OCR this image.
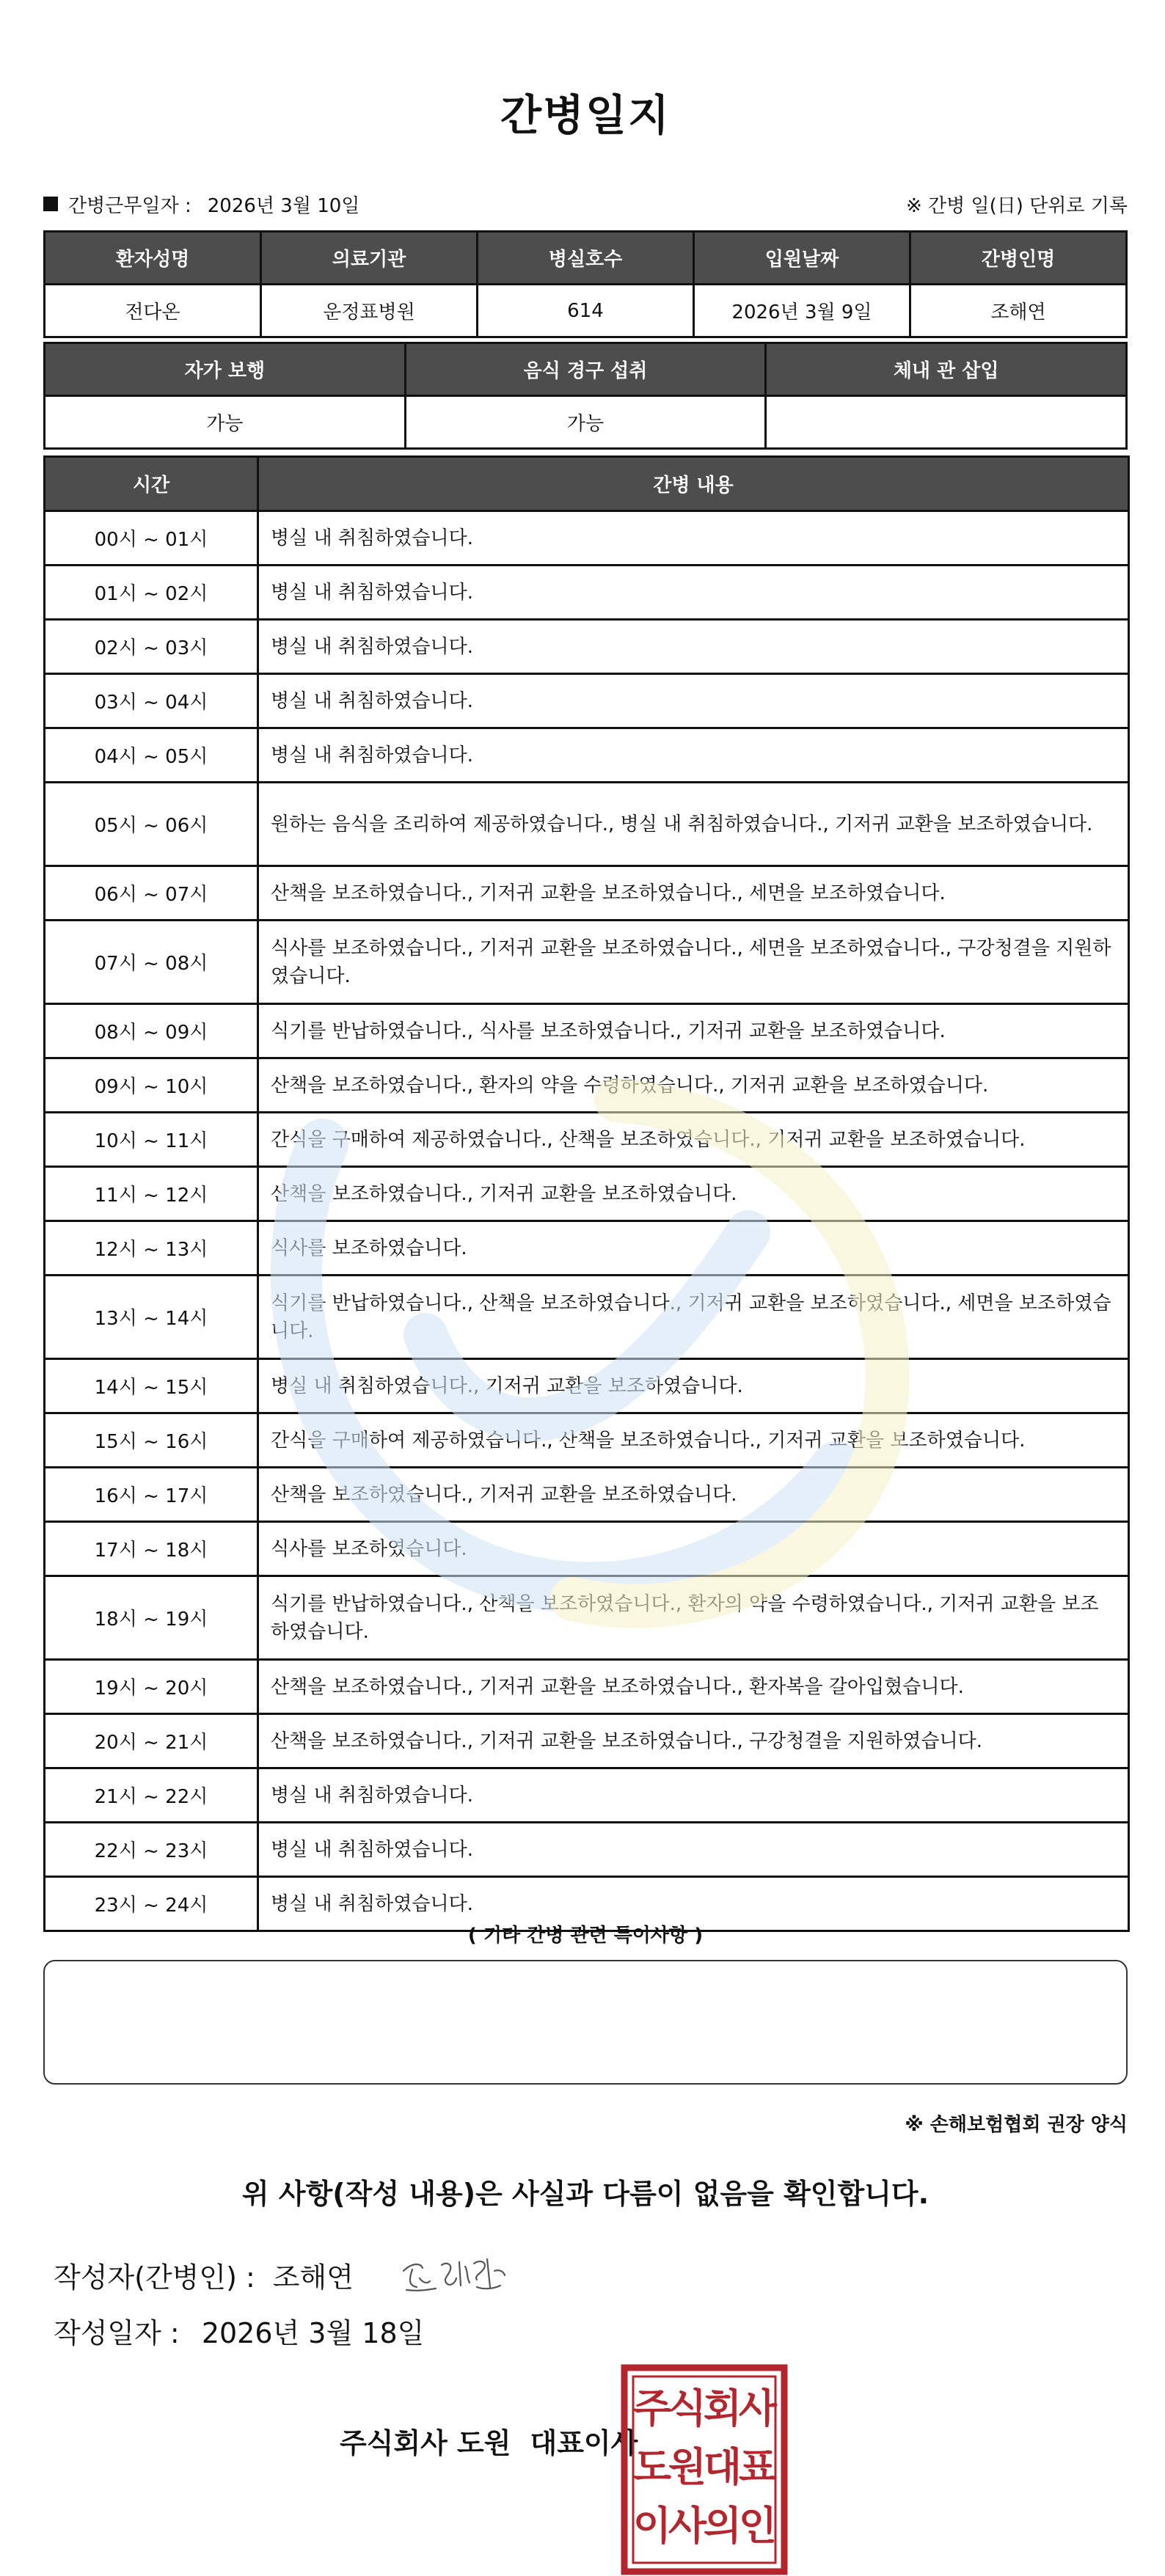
간병일지
간병근무일자 : 2026년 3월 10일	※ 간병 일(日) 단위로 기록
환자성명	의료기관	병실호수	입원날짜	간병인명
전다온	운정표병원	614	2026년 3월 9일	조해연
자가 보행	음식 경구 섭취	체내 관 삽입
가능	가능	
시간	간병 내용
00시 ~ 01시	병실 내 취침하였습니다.
01시 ~ 02시	병실 내 취침하였습니다.
02시 ~ 03시	병실 내 취침하였습니다.
03시 ~ 04시	병실 내 취침하였습니다.
04시 ~ 05시	병실 내 취침하였습니다.
05시 ~ 06시	원하는 음식을 조리하여 제공하였습니다., 병실 내 취침하였습니다., 기저귀 교환을 보조하였습니다.
06시 ~ 07시	산책을 보조하였습니다., 기저귀 교환을 보조하였습니다., 세면을 보조하였습니다.
07시 ~ 08시	식사를 보조하였습니다., 기저귀 교환을 보조하였습니다., 세면을 보조하였습니다., 구강청결을 지원하였습니다.
08시 ~ 09시	식기를 반납하였습니다., 식사를 보조하였습니다., 기저귀 교환을 보조하였습니다.
09시 ~ 10시	산책을 보조하였습니다., 환자의 약을 수령하였습니다., 기저귀 교환을 보조하였습니다.
10시 ~ 11시	간식을 구매하여 제공하였습니다., 산책을 보조하였습니다., 기저귀 교환을 보조하였습니다.
11시 ~ 12시	산책을 보조하였습니다., 기저귀 교환을 보조하였습니다.
12시 ~ 13시	식사를 보조하였습니다.
13시 ~ 14시	식기를 반납하였습니다., 산책을 보조하였습니다., 기저귀 교환을 보조하였습니다., 세면을 보조하였습니다.
14시 ~ 15시	병실 내 취침하였습니다., 기저귀 교환을 보조하였습니다.
15시 ~ 16시	간식을 구매하여 제공하였습니다., 산책을 보조하였습니다., 기저귀 교환을 보조하였습니다.
16시 ~ 17시	산책을 보조하였습니다., 기저귀 교환을 보조하였습니다.
17시 ~ 18시	식사를 보조하였습니다.
18시 ~ 19시	식기를 반납하였습니다., 산책을 보조하였습니다., 환자의 약을 수령하였습니다., 기저귀 교환을 보조하였습니다.
19시 ~ 20시	산책을 보조하였습니다., 기저귀 교환을 보조하였습니다., 환자복을 갈아입혔습니다.
20시 ~ 21시	산책을 보조하였습니다., 기저귀 교환을 보조하였습니다., 구강청결을 지원하였습니다.
21시 ~ 22시	병실 내 취침하였습니다.
22시 ~ 23시	병실 내 취침하였습니다.
23시 ~ 24시	병실 내 취침하였습니다.
( 기타 간병 관련 특이사항 )
※ 손해보험협회 권장 양식
위 사항(작성 내용)은 사실과 다름이 없음을 확인합니다.
작성자(간병인) : 조해연
작성일자 : 2026년 3월 18일
주식회사 도원 대표이사
주
식
회
사
도
원
대
표
이
사
의
인
